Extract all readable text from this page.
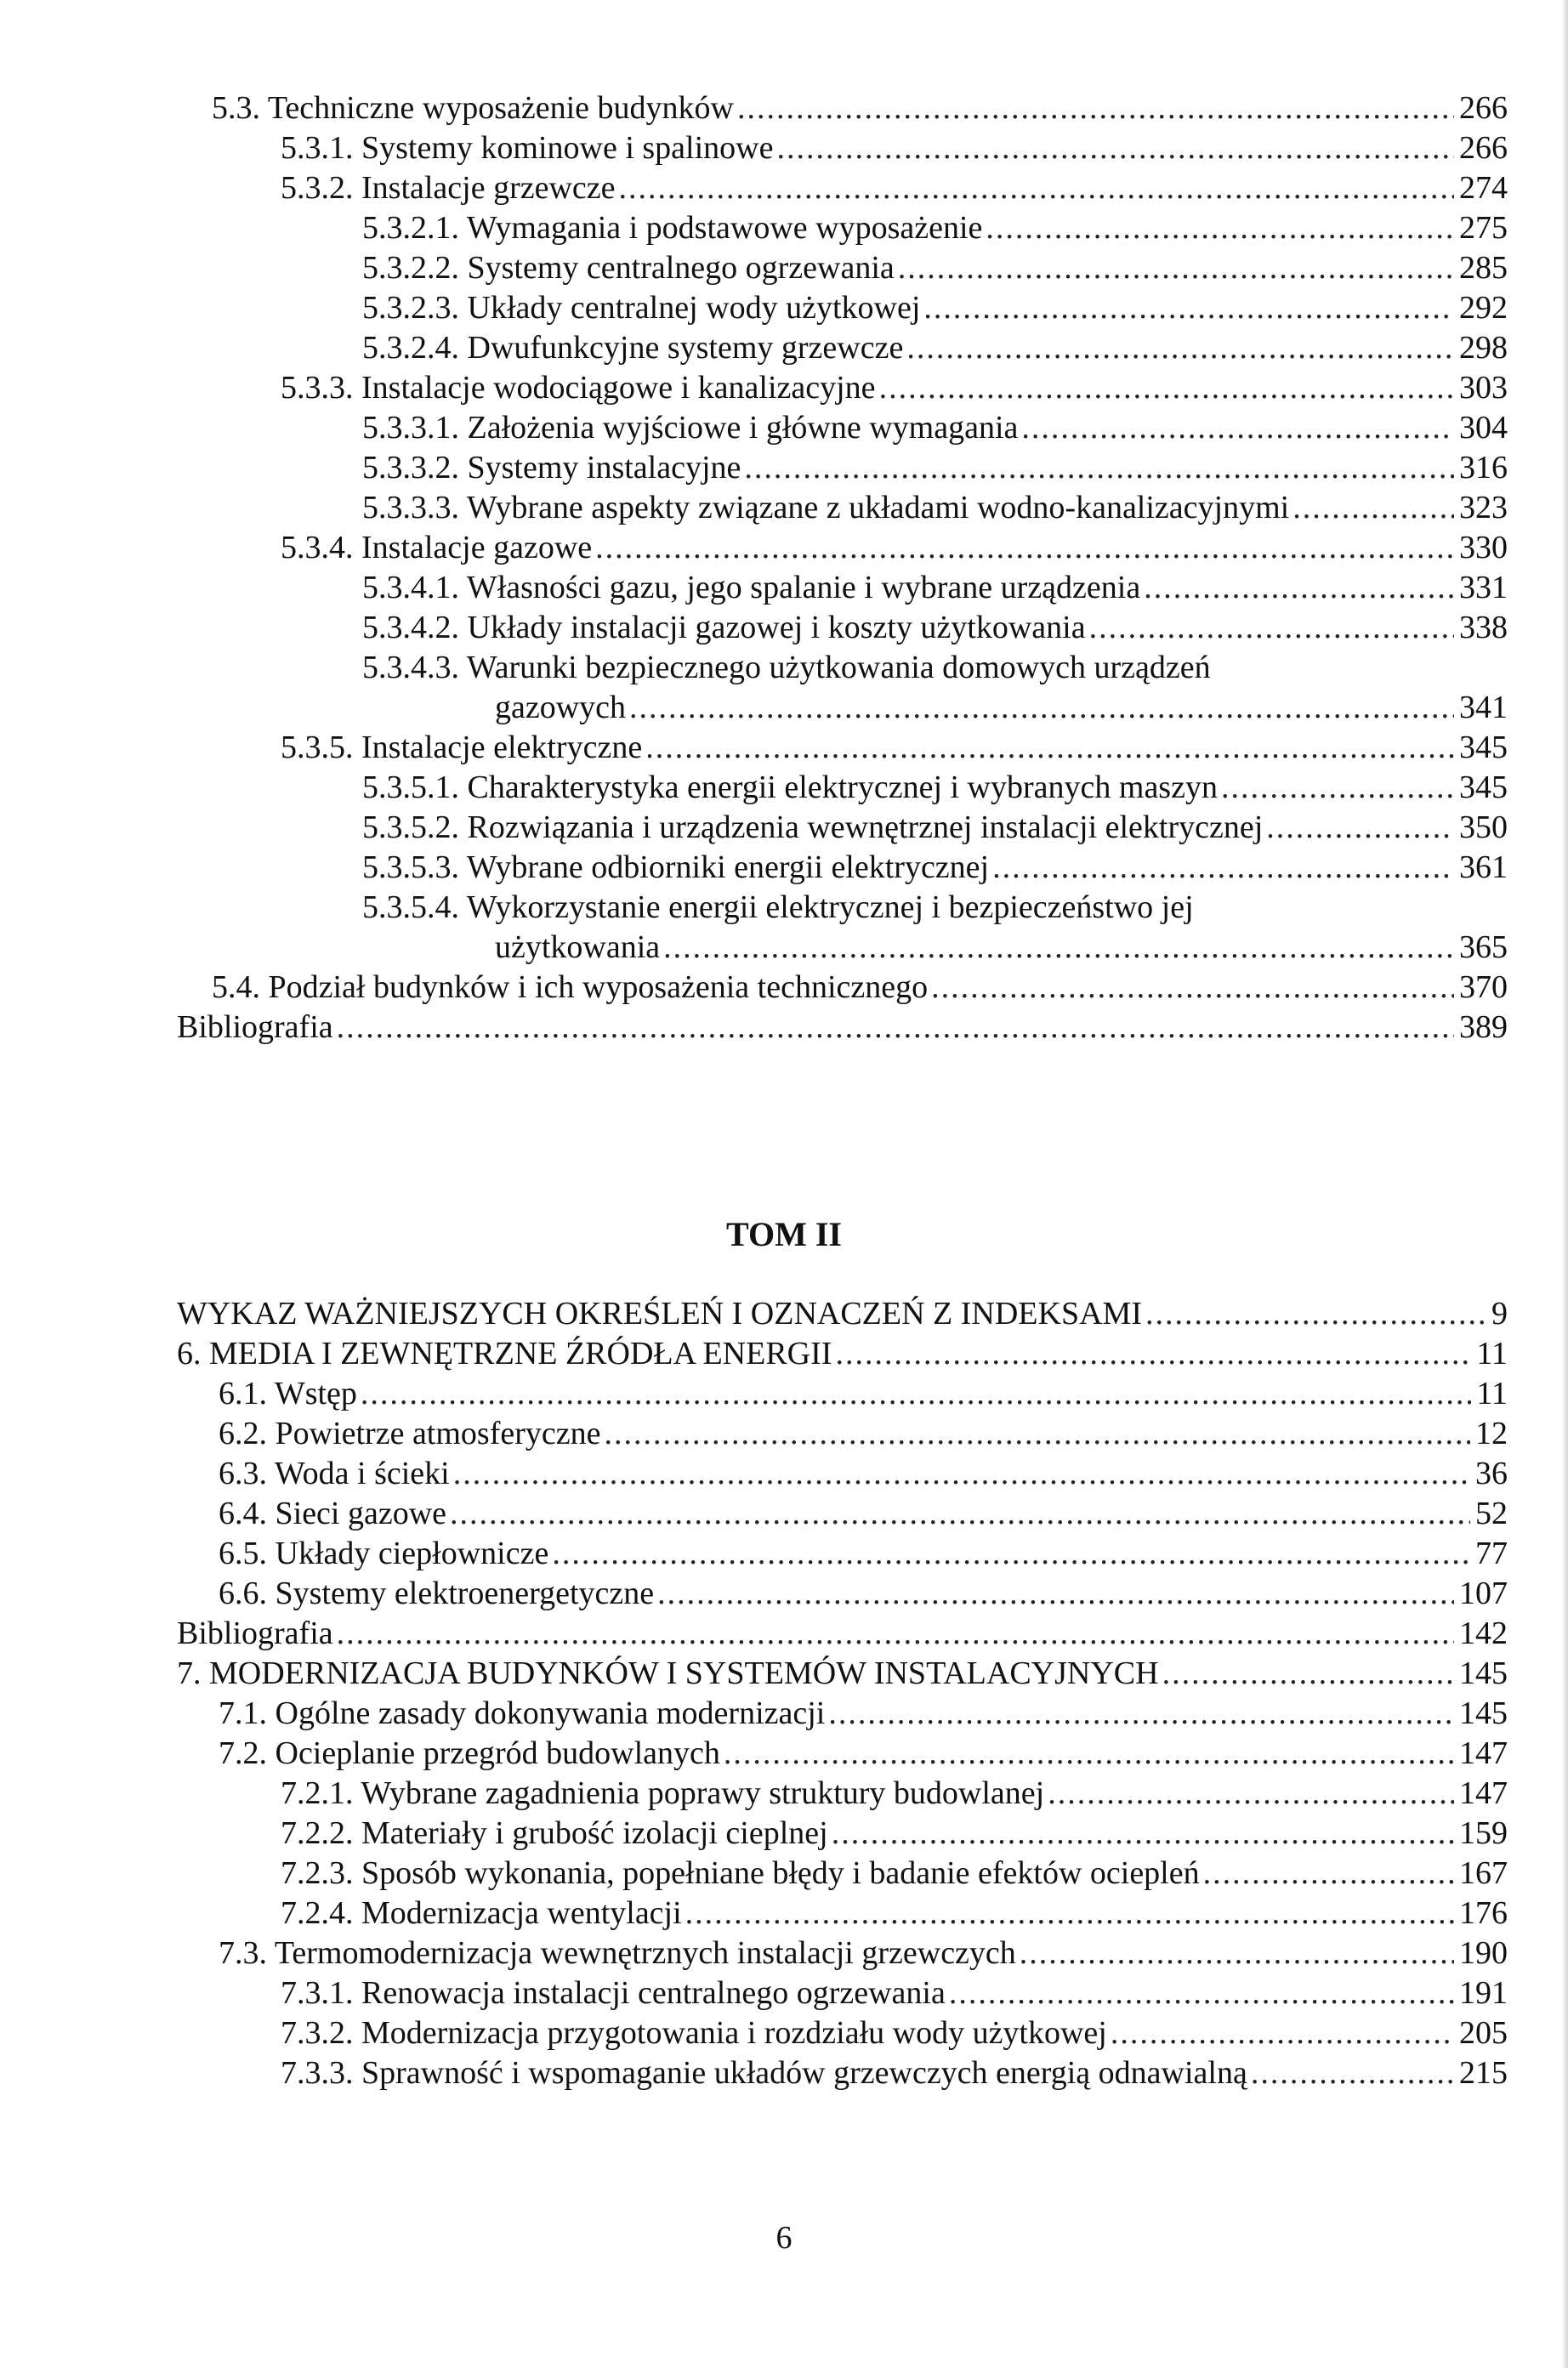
5.3. Techniczne wyposażenie budynków .....	266
5.3.1. Systemy kominowe i spalinowe .....	266
5.3.2. Instalacje grzewcze .....	274
5.3.2.1. Wymagania i podstawowe wyposażenie .....	275
5.3.2.2. Systemy centralnego ogrzewania .....	285
5.3.2.3. Układy centralnej wody użytkowej .....	292
5.3.2.4. Dwufunkcyjne systemy grzewcze .....	298
5.3.3. Instalacje wodociągowe i kanalizacyjne .....	303
5.3.3.1. Założenia wyjściowe i główne wymagania .....	304
5.3.3.2. Systemy instalacyjne .....	316
5.3.3.3. Wybrane aspekty związane z układami wodno-kanalizacyjnymi .....	323
5.3.4. Instalacje gazowe .....	330
5.3.4.1. Własności gazu, jego spalanie i wybrane urządzenia .....	331
5.3.4.2. Układy instalacji gazowej i koszty użytkowania .....	338
5.3.4.3. Warunki bezpiecznego użytkowania domowych urządzeń
gazowych .....	341
5.3.5. Instalacje elektryczne .....	345
5.3.5.1. Charakterystyka energii elektrycznej i wybranych maszyn .....	345
5.3.5.2. Rozwiązania i urządzenia wewnętrznej instalacji elektrycznej .....	350
5.3.5.3. Wybrane odbiorniki energii elektrycznej .....	361
5.3.5.4. Wykorzystanie energii elektrycznej i bezpieczeństwo jej
użytkowania .....	365
5.4. Podział budynków i ich wyposażenia technicznego .....	370
Bibliografia .....	389
TOM II
WYKAZ WAŻNIEJSZYCH OKREŚLEŃ I OZNACZEŃ Z INDEKSAMI .....	9
6. MEDIA I ZEWNĘTRZNE ŹRÓDŁA ENERGII .....	11
6.1. Wstęp .....	11
6.2. Powietrze atmosferyczne .....	12
6.3. Woda i ścieki .....	36
6.4. Sieci gazowe .....	52
6.5. Układy ciepłownicze .....	77
6.6. Systemy elektroenergetyczne .....	107
Bibliografia .....	142
7. MODERNIZACJA BUDYNKÓW I SYSTEMÓW INSTALACYJNYCH .....	145
7.1. Ogólne zasady dokonywania modernizacji .....	145
7.2. Ocieplanie przegród budowlanych .....	147
7.2.1. Wybrane zagadnienia poprawy struktury budowlanej .....	147
7.2.2. Materiały i grubość izolacji cieplnej .....	159
7.2.3. Sposób wykonania, popełniane błędy i badanie efektów ociepleń .....	167
7.2.4. Modernizacja wentylacji .....	176
7.3. Termomodernizacja wewnętrznych instalacji grzewczych .....	190
7.3.1. Renowacja instalacji centralnego ogrzewania .....	191
7.3.2. Modernizacja przygotowania i rozdziału wody użytkowej .....	205
7.3.3. Sprawność i wspomaganie układów grzewczych energią odnawialną .....	215
6
